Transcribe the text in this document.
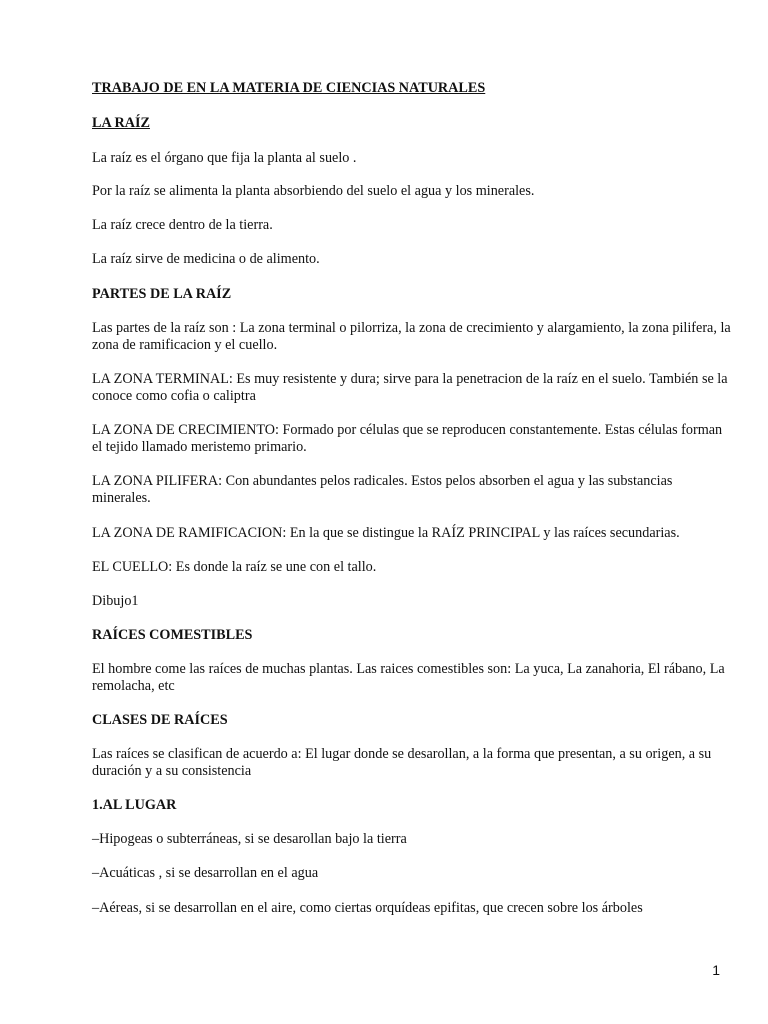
TRABAJO DE EN LA MATERIA DE CIENCIAS NATURALES

LA RAÍZ

La raíz es el órgano que fija la planta al suelo .

Por la raíz se alimenta la planta absorbiendo del suelo el agua y los minerales.

La raíz crece dentro de la tierra.

La raíz sirve de medicina o de alimento.

PARTES DE LA RAÍZ

Las partes de la raíz son : La zona terminal o pilorriza, la zona de crecimiento y alargamiento, la zona pilifera, la zona de ramificacion y el cuello.

LA ZONA TERMINAL: Es muy resistente y dura; sirve para la penetracion de la raíz en el suelo. También se la conoce como cofia o caliptra

LA ZONA DE CRECIMIENTO: Formado por células que se reproducen constantemente. Estas células forman el tejido llamado meristemo primario.

LA ZONA PILIFERA: Con abundantes pelos radicales. Estos pelos absorben el agua y las substancias minerales.

LA ZONA DE RAMIFICACION: En la que se distingue la RAÍZ PRINCIPAL y las raíces secundarias.

EL CUELLO: Es donde la raíz se une con el tallo.

Dibujo1

RAÍCES COMESTIBLES

El hombre come las raíces de muchas plantas. Las raices comestibles son: La yuca, La zanahoria, El rábano, La remolacha, etc

CLASES DE RAÍCES

Las raíces se clasifican de acuerdo a: El lugar donde se desarollan, a la forma que presentan, a su origen, a su duración y a su consistencia

1.AL LUGAR

–Hipogeas o subterráneas, si se desarollan bajo la tierra

–Acuáticas , si se desarrollan en el agua

–Aéreas, si se desarrollan en el aire, como ciertas orquídeas epifitas, que crecen sobre los árboles

1
